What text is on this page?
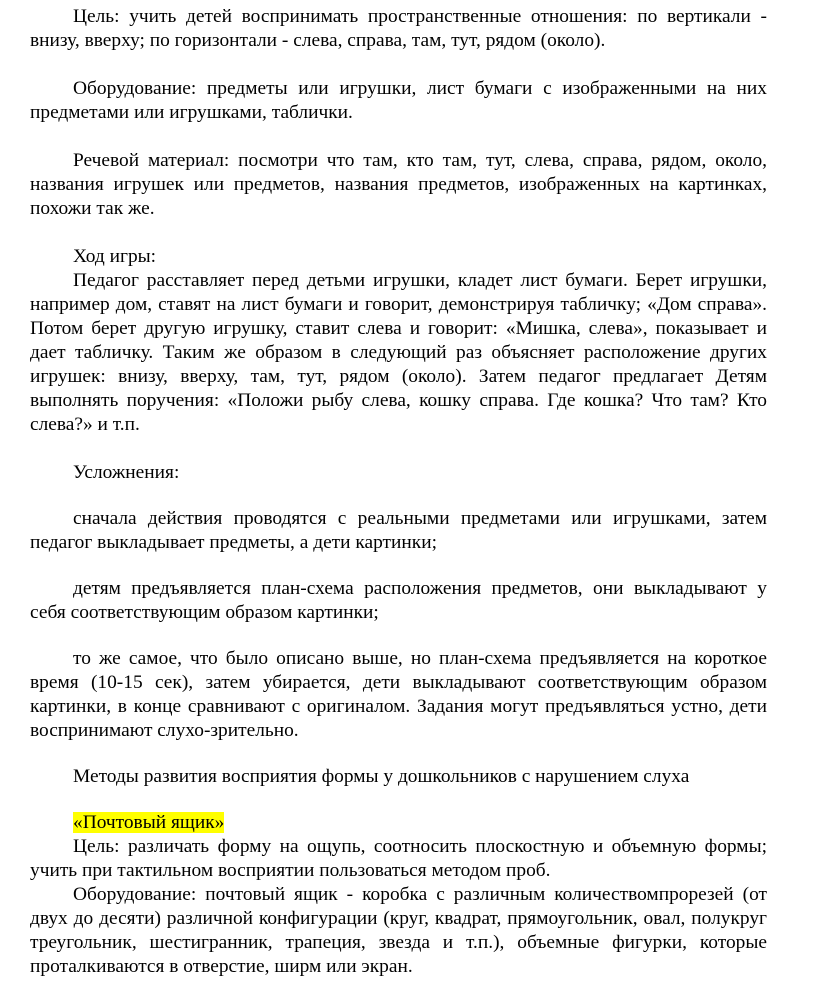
Цель: учить детей воспринимать пространственные отношения: по вертикали - внизу, вверху; по горизонтали - слева, справа, там, тут, рядом (около).

Оборудование: предметы или игрушки, лист бумаги с изображенными на них предметами или игрушками, таблички.

Речевой материал: посмотри что там, кто там, тут, слева, справа, рядом, около, названия игрушек или предметов, названия предметов, изображенных на картинках, похожи так же.

Ход игры:

Педагог расставляет перед детьми игрушки, кладет лист бумаги. Берет игрушки, например дом, ставят на лист бумаги и говорит, демонстрируя табличку; «Дом справа». Потом берет другую игрушку, ставит слева и говорит: «Мишка, слева», показывает и дает табличку. Таким же образом в следующий раз объясняет расположение других игрушек: внизу, вверху, там, тут, рядом (около). Затем педагог предлагает Детям выполнять поручения: «Положи рыбу слева, кошку справа. Где кошка? Что там? Кто слева?» и т.п.

Усложнения:

сначала действия проводятся с реальными предметами или игрушками, затем педагог выкладывает предметы, а дети картинки;

детям предъявляется план-схема расположения предметов, они выкладывают у себя соответствующим образом картинки;

то же самое, что было описано выше, но план-схема предъявляется на короткое время (10-15 сек), затем убирается, дети выкладывают соответствующим образом картинки, в конце сравнивают с оригиналом. Задания могут предъявляться устно, дети воспринимают слухо-зрительно.

Методы развития восприятия формы у дошкольников с нарушением слуха

«Почтовый ящик»

Цель: различать форму на ощупь, соотносить плоскостную и объемную формы; учить при тактильном восприятии пользоваться методом проб.

Оборудование: почтовый ящик - коробка с различным количествомпрорезей (от двух до десяти) различной конфигурации (круг, квадрат, прямоугольник, овал, полукруг треугольник, шестигранник, трапеция, звезда и т.п.), объемные фигурки, которые проталкиваются в отверстие, ширм или экран.
